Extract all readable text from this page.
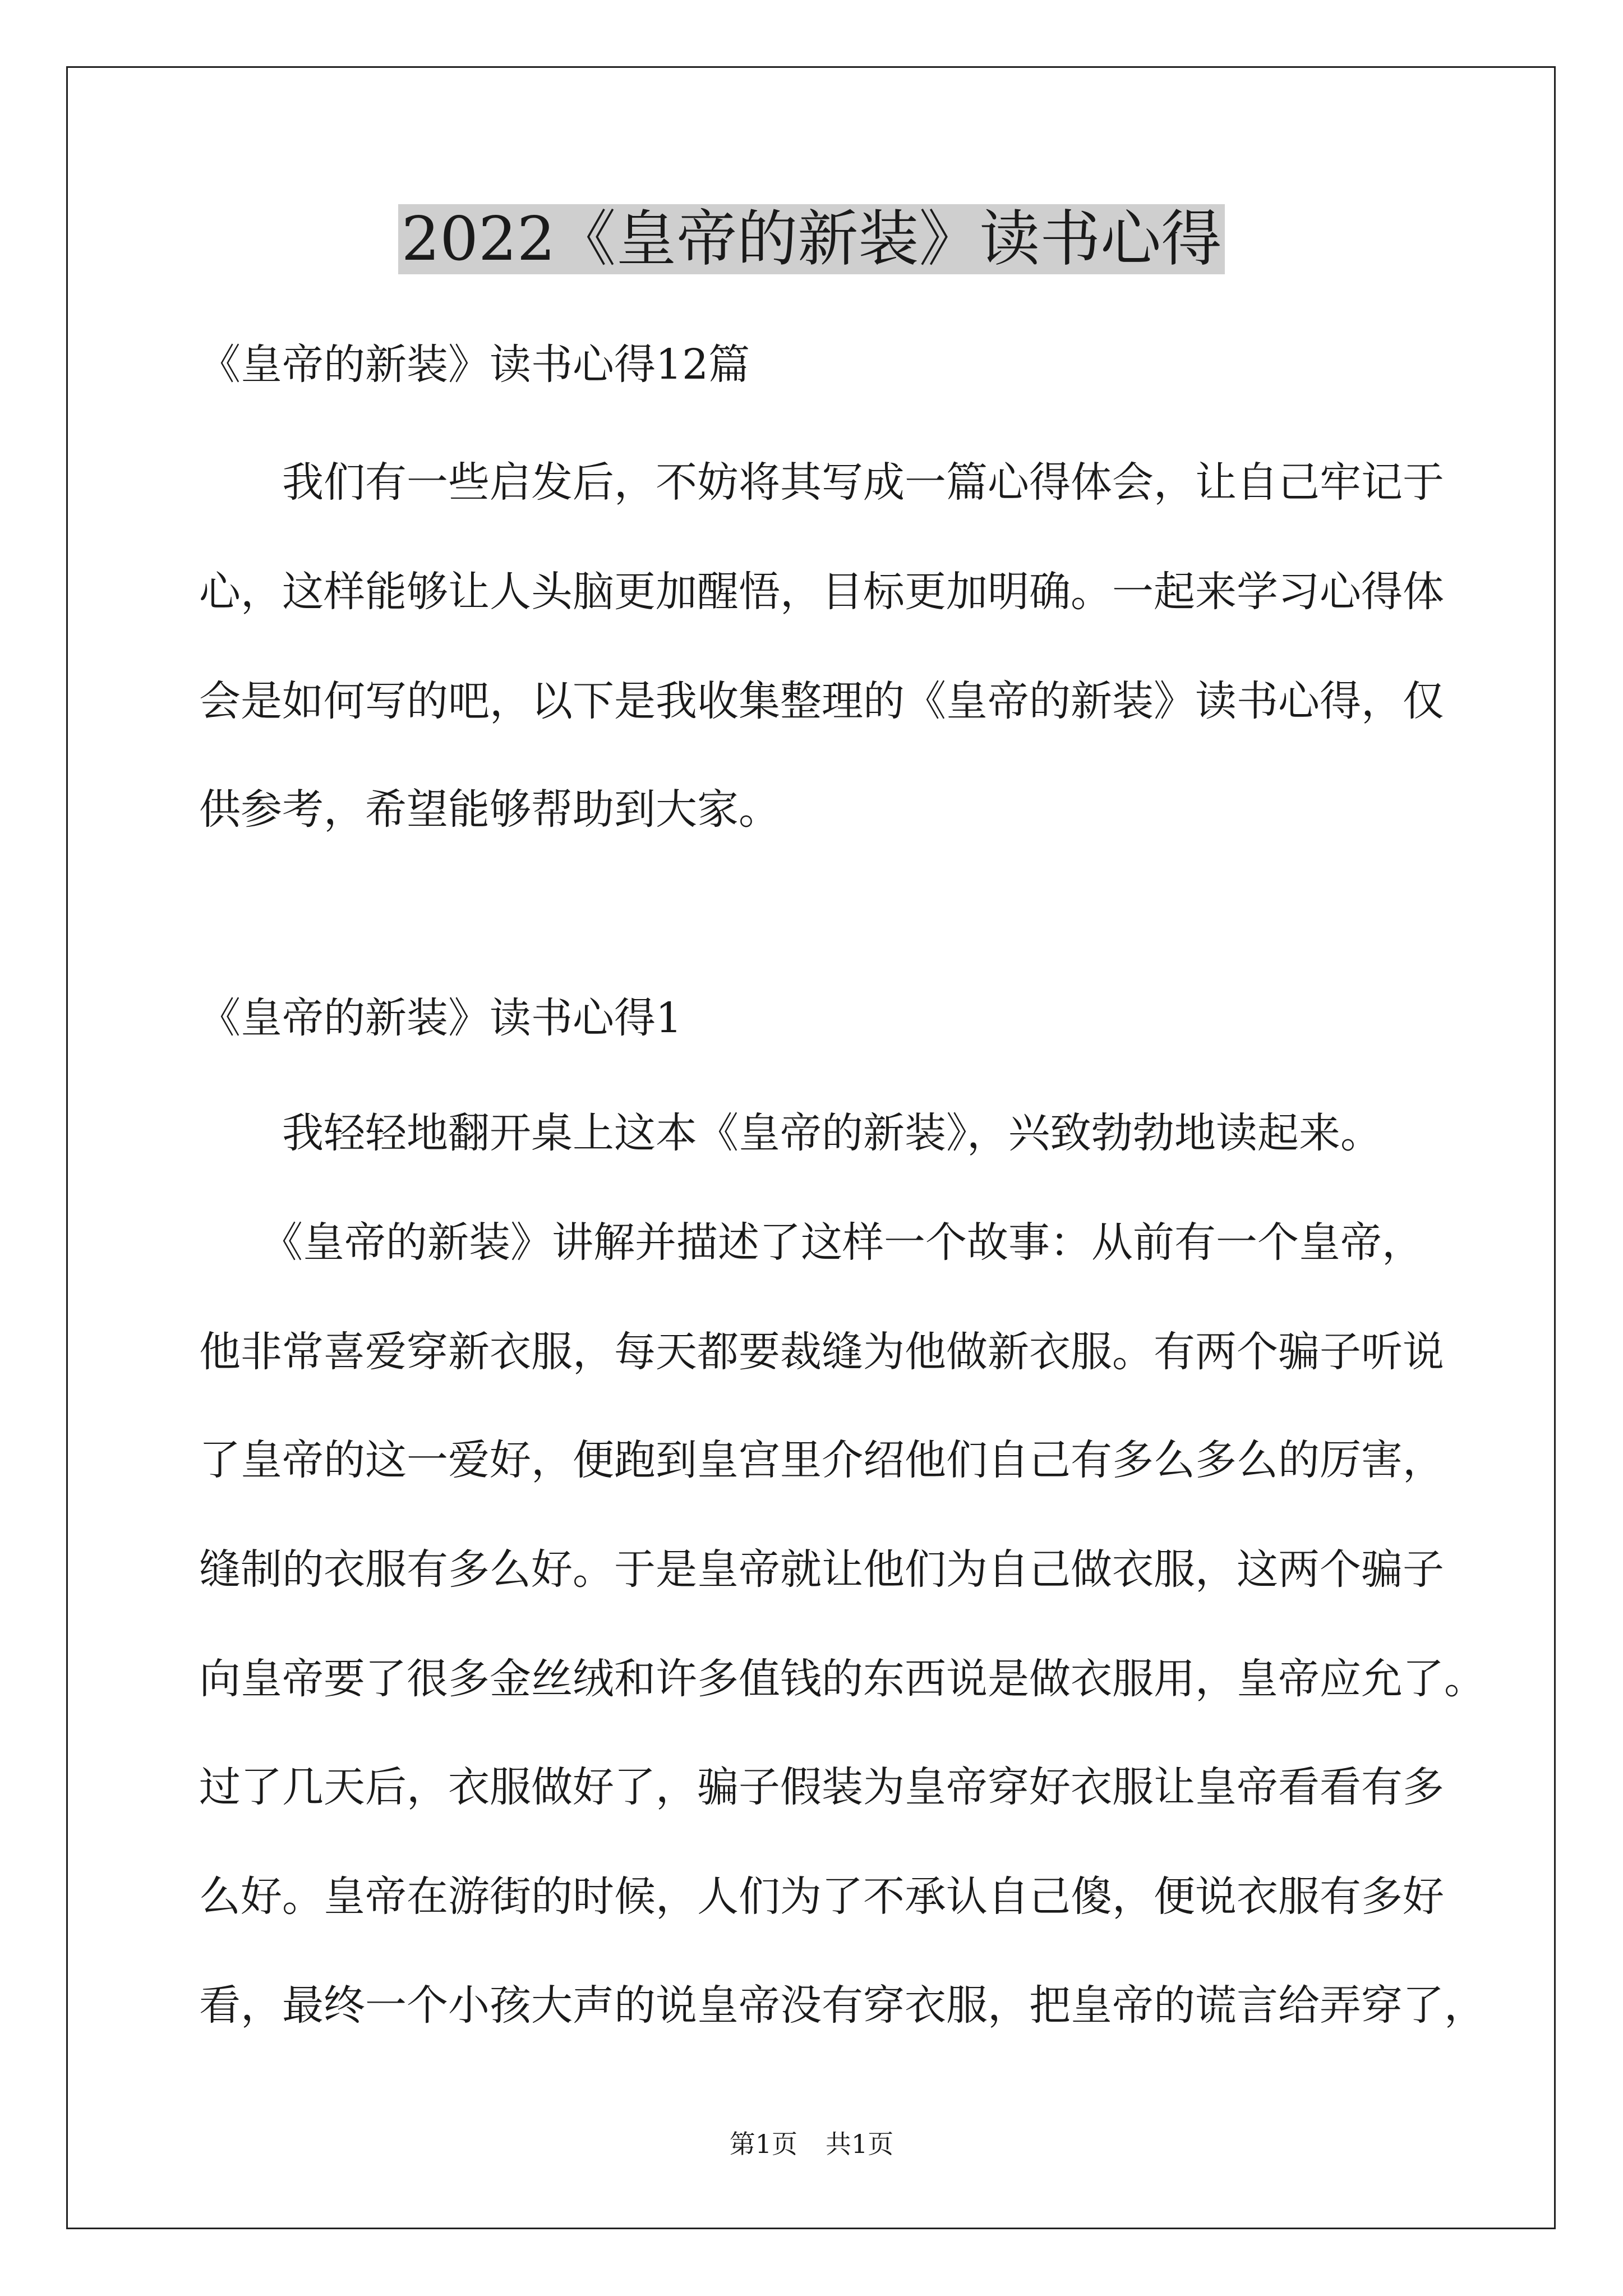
2022《皇帝的新装》读书心得
《皇帝的新装》读书心得12篇
　　我们有一些启发后，不妨将其写成一篇心得体会，让自己牢记于
心，这样能够让人头脑更加醒悟，目标更加明确。一起来学习心得体
会是如何写的吧，以下是我收集整理的《皇帝的新装》读书心得，仅
供参考，希望能够帮助到大家。
《皇帝的新装》读书心得1
　　我轻轻地翻开桌上这本《皇帝的新装》，兴致勃勃地读起来。
　　《皇帝的新装》讲解并描述了这样一个故事：从前有一个皇帝，
他非常喜爱穿新衣服，每天都要裁缝为他做新衣服。有两个骗子听说
了皇帝的这一爱好，便跑到皇宫里介绍他们自己有多么多么的厉害，
缝制的衣服有多么好。于是皇帝就让他们为自己做衣服，这两个骗子
向皇帝要了很多金丝绒和许多值钱的东西说是做衣服用，皇帝应允了。
过了几天后，衣服做好了，骗子假装为皇帝穿好衣服让皇帝看看有多
么好。皇帝在游街的时候，人们为了不承认自己傻，便说衣服有多好
看，最终一个小孩大声的说皇帝没有穿衣服，把皇帝的谎言给弄穿了，
第1页 共1页
